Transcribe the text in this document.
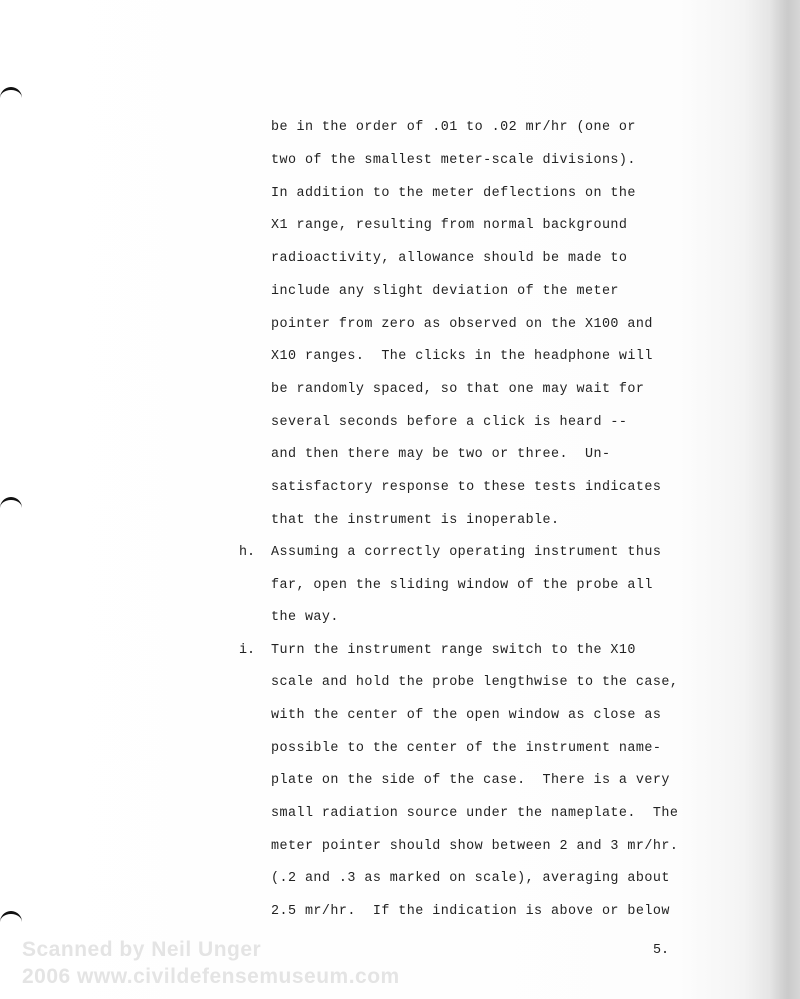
be in the order of .01 to .02 mr/hr (one or
two of the smallest meter-scale divisions).
In addition to the meter deflections on the
X1 range, resulting from normal background
radioactivity, allowance should be made to
include any slight deviation of the meter
pointer from zero as observed on the X100 and
X10 ranges.  The clicks in the headphone will
be randomly spaced, so that one may wait for
several seconds before a click is heard --
and then there may be two or three.  Un-
satisfactory response to these tests indicates
that the instrument is inoperable.
h. Assuming a correctly operating instrument thus
far, open the sliding window of the probe all
the way.
i. Turn the instrument range switch to the X10
scale and hold the probe lengthwise to the case,
with the center of the open window as close as
possible to the center of the instrument name-
plate on the side of the case.  There is a very
small radiation source under the nameplate.  The
meter pointer should show between 2 and 3 mr/hr.
(.2 and .3 as marked on scale), averaging about
2.5 mr/hr.  If the indication is above or below
5.
Scanned by Neil Unger
2006 www.civildefensemuseum.com
